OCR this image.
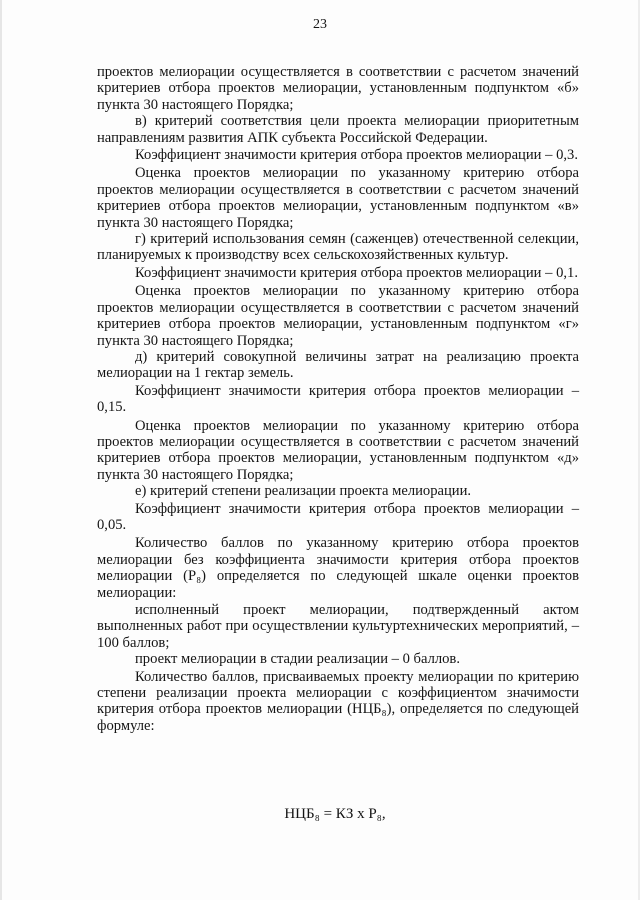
23

проектов мелиорации осуществляется в соответствии с расчетом значений критериев отбора проектов мелиорации, установленным подпунктом «б» пункта 30 настоящего Порядка;

в) критерий соответствия цели проекта мелиорации приоритетным направлениям развития АПК субъекта Российской Федерации.

Коэффициент значимости критерия отбора проектов мелиорации – 0,3.

Оценка проектов мелиорации по указанному критерию отбора проектов мелиорации осуществляется в соответствии с расчетом значений критериев отбора проектов мелиорации, установленным подпунктом «в» пункта 30 настоящего Порядка;

г) критерий использования семян (саженцев) отечественной селекции, планируемых к производству всех сельскохозяйственных культур.

Коэффициент значимости критерия отбора проектов мелиорации – 0,1.

Оценка проектов мелиорации по указанному критерию отбора проектов мелиорации осуществляется в соответствии с расчетом значений критериев отбора проектов мелиорации, установленным подпунктом «г» пункта 30 настоящего Порядка;

д) критерий совокупной величины затрат на реализацию проекта мелиорации на 1 гектар земель.

Коэффициент значимости критерия отбора проектов мелиорации – 0,15.

Оценка проектов мелиорации по указанному критерию отбора проектов мелиорации осуществляется в соответствии с расчетом значений критериев отбора проектов мелиорации, установленным подпунктом «д» пункта 30 настоящего Порядка;

е) критерий степени реализации проекта мелиорации.

Коэффициент значимости критерия отбора проектов мелиорации – 0,05.

Количество баллов по указанному критерию отбора проектов мелиорации без коэффициента значимости критерия отбора проектов мелиорации (Р₈) определяется по следующей шкале оценки проектов мелиорации:

исполненный проект мелиорации, подтвержденный актом выполненных работ при осуществлении культуртехнических мероприятий, – 100 баллов;

проект мелиорации в стадии реализации – 0 баллов.

Количество баллов, присваиваемых проекту мелиорации по критерию степени реализации проекта мелиорации с коэффициентом значимости критерия отбора проектов мелиорации (НЦБ₈), определяется по следующей формуле:

НЦБ₈ = КЗ х Р₈,
